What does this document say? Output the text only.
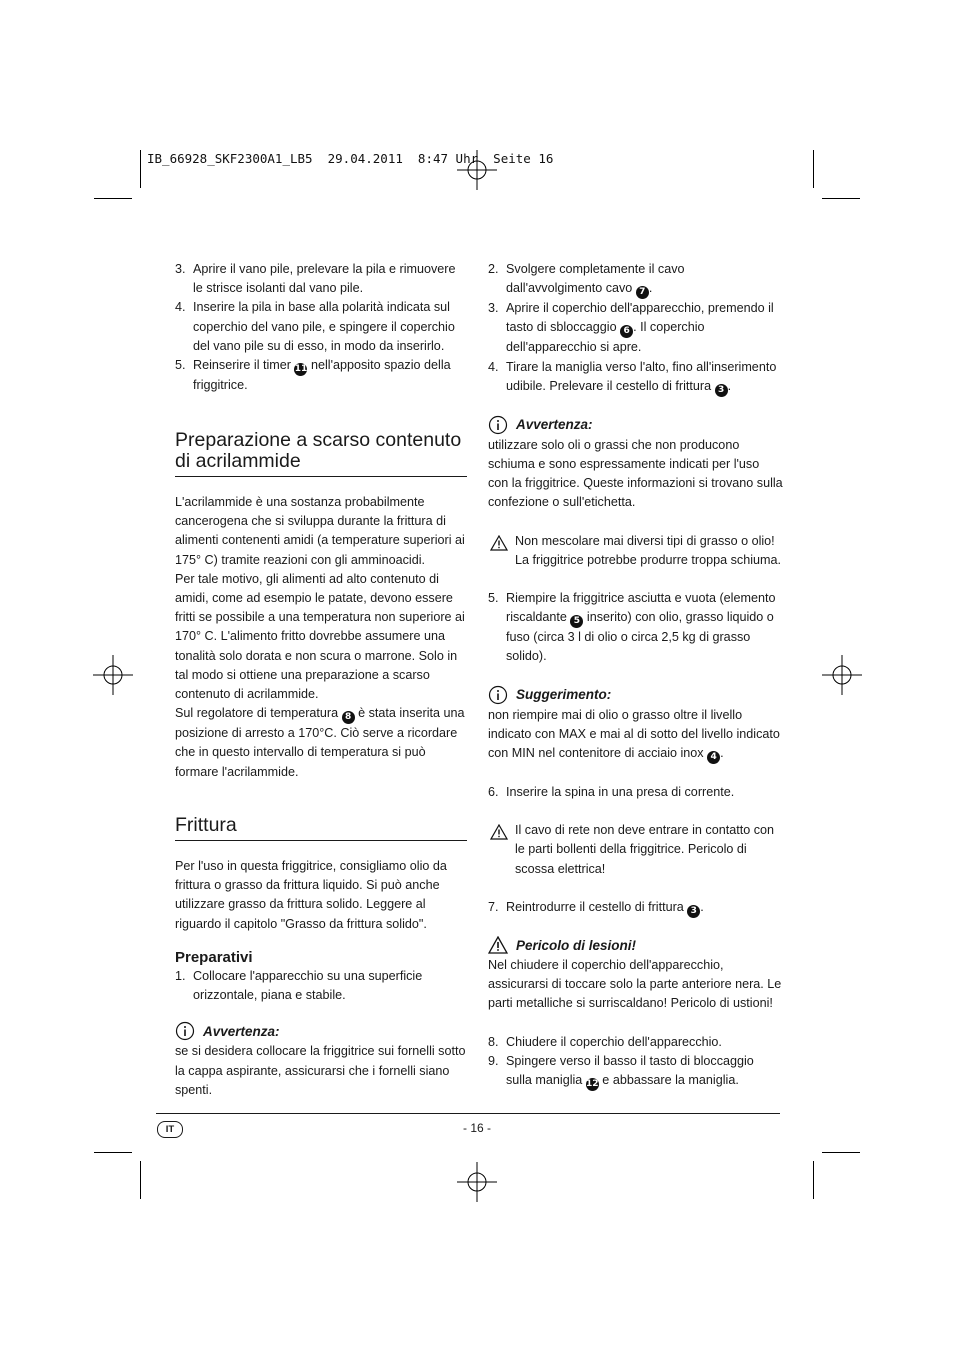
IB_66928_SKF2300A1_LB5  29.04.2011  8:47 Uhr  Seite 16
3. Aprire il vano pile, prelevare la pila e rimuovere le strisce isolanti dal vano pile.
4. Inserire la pila in base alla polarità indicata sul coperchio del vano pile, e spingere il coperchio del vano pile su di esso, in modo da inserirlo.
5. Reinserire il timer 11 nell'apposito spazio della friggitrice.
Preparazione a scarso contenuto di acrilammide

L'acrilammide è una sostanza probabilmente cancerogena che si sviluppa durante la frittura di alimenti contenenti amidi (a temperature superiori ai 175° C) tramite reazioni con gli amminoacidi.

Per tale motivo, gli alimenti ad alto contenuto di amidi, come ad esempio le patate, devono essere fritti se possibile a una temperatura non superiore ai 170° C. L'alimento fritto dovrebbe assumere una tonalità solo dorata e non scura o marrone. Solo in tal modo si ottiene una preparazione a scarso contenuto di acrilammide.

Sul regolatore di temperatura 8 è stata inserita una posizione di arresto a 170°C. Ciò serve a ricordare che in questo intervallo di temperatura si può formare l'acrilammide.

Frittura

Per l'uso in questa friggitrice, consigliamo olio da frittura o grasso da frittura liquido. Si può anche utilizzare grasso da frittura solido. Leggere al riguardo il capitolo "Grasso da frittura solido".

Preparativi
1. Collocare l'apparecchio su una superficie orizzontale, piana e stabile.
Avvertenza:

se si desidera collocare la friggitrice sui fornelli sotto la cappa aspirante, assicurarsi che i fornelli siano spenti.

2. Svolgere completamente il cavo dall'avvolgimento cavo 7 .
3. Aprire il coperchio dell'apparecchio, premendo il tasto di sbloccaggio 6 . Il coperchio dell'apparecchio si apre.
4. Tirare la maniglia verso l'alto, fino all'inserimento udibile. Prelevare il cestello di frittura 3 .
Avvertenza:

utilizzare solo oli o grassi che non producono schiuma e sono espressamente indicati per l'uso con la friggitrice. Queste informazioni si trovano sulla confezione o sull'etichetta.

Non mescolare mai diversi tipi di grasso o olio! La friggitrice potrebbe produrre troppa schiuma.
5. Riempire la friggitrice asciutta e vuota (elemento riscaldante 5 inserito) con olio, grasso liquido o fuso (circa 3 l di olio o circa 2,5 kg di grasso solido).
Suggerimento:

non riempire mai di olio o grasso oltre il livello indicato con MAX e mai al di sotto del livello indicato con MIN nel contenitore di acciaio inox 4 .

6. Inserire la spina in una presa di corrente.
Il cavo di rete non deve entrare in contatto con le parti bollenti della friggitrice. Pericolo di scossa elettrica!
7. Reintrodurre il cestello di frittura 3 .
Pericolo di lesioni!

Nel chiudere il coperchio dell'apparecchio, assicurarsi di toccare solo la parte anteriore nera. Le parti metalliche si surriscaldano! Pericolo di ustioni!

8. Chiudere il coperchio dell'apparecchio.
9. Spingere verso il basso il tasto di bloccaggio sulla maniglia 12 e abbassare la maniglia.
IT	- 16 -
